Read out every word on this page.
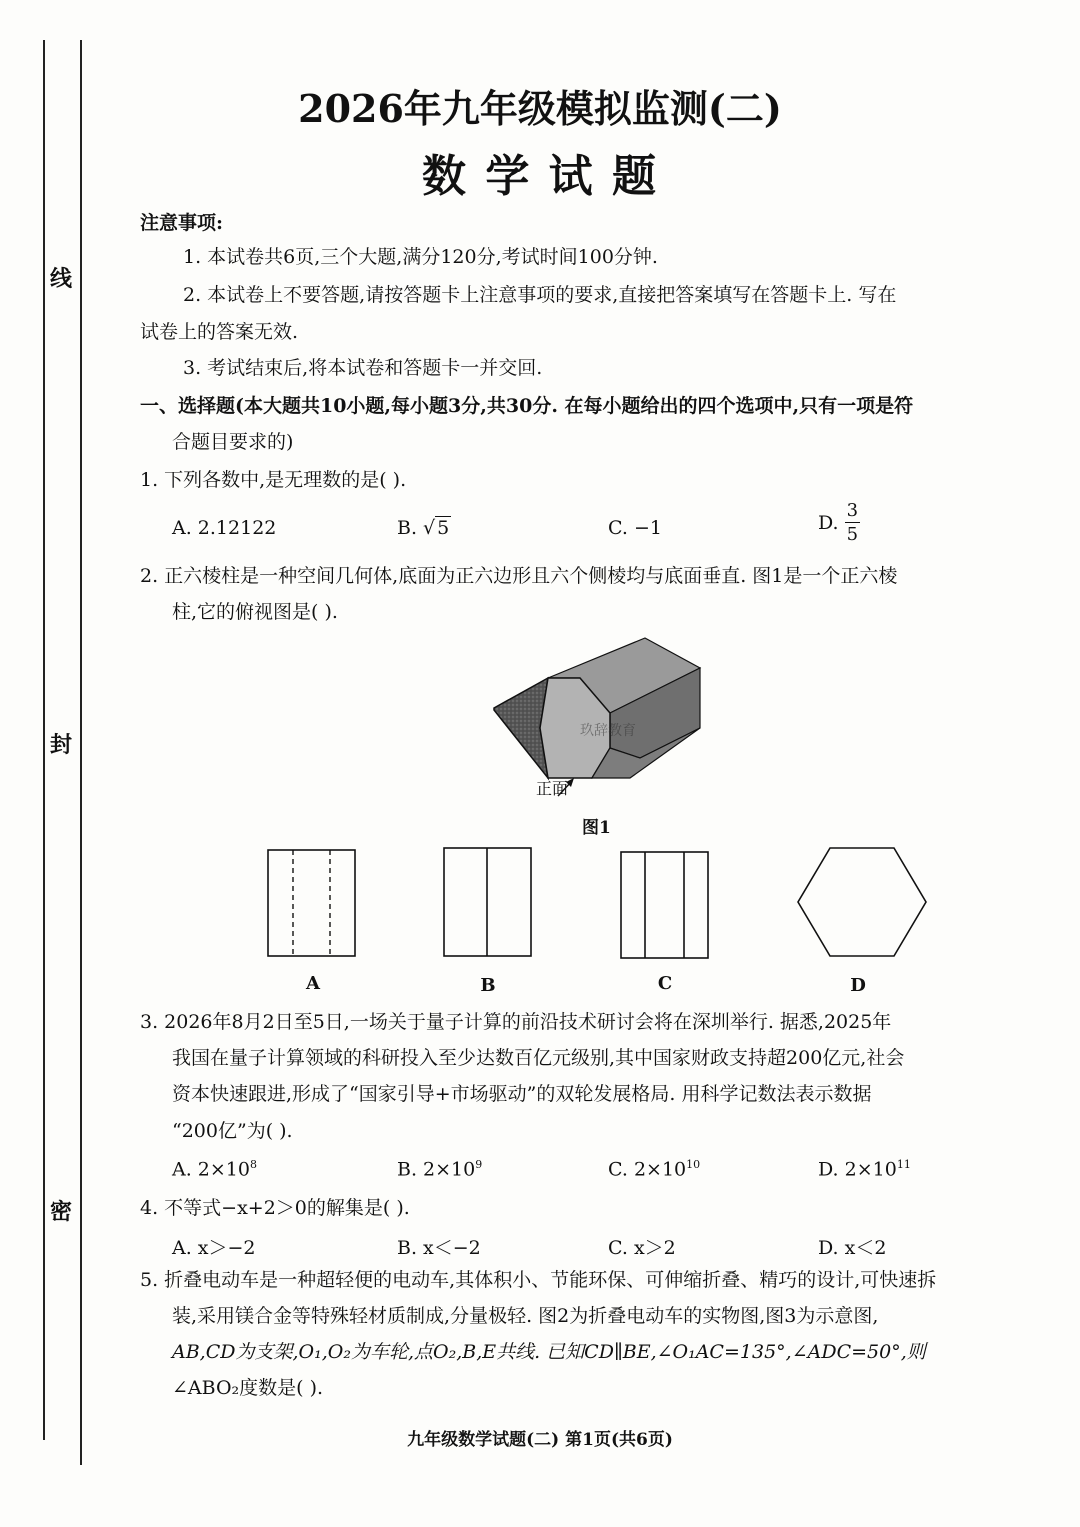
线
封
密
2026年九年级模拟监测(二)
数 学 试 题
注意事项:
1. 本试卷共6页,三个大题,满分120分,考试时间100分钟.
2. 本试卷上不要答题,请按答题卡上注意事项的要求,直接把答案填写在答题卡上. 写在
试卷上的答案无效.
3. 考试结束后,将本试卷和答题卡一并交回.
一、选择题(本大题共10小题,每小题3分,共30分. 在每小题给出的四个选项中,只有一项是符
合题目要求的)
1. 下列各数中,是无理数的是( ).
A. 2.12122	B. √ 5	C. −1	D. $\frac{3}{5}$
2. 正六棱柱是一种空间几何体,底面为正六边形且六个侧棱均与底面垂直. 图1是一个正六棱
柱,它的俯视图是( ).
玖辞教育
正面
图1
A	B	C	D
3. 2026年8月2日至5日,一场关于量子计算的前沿技术研讨会将在深圳举行. 据悉,2025年
我国在量子计算领域的科研投入至少达数百亿元级别,其中国家财政支持超200亿元,社会
资本快速跟进,形成了“国家引导+市场驱动”的双轮发展格局. 用科学记数法表示数据
“200亿”为( ).
A. $2\times 10^8$	B. $2\times 10^9$	C. $2\times 10^{10}$	D. $2\times 10^{11}$
4. 不等式−x+2＞0的解集是( ).
A. x＞−2	B. x＜−2	C. x＞2	D. x＜2
5. 折叠电动车是一种超轻便的电动车,其体积小、节能环保、可伸缩折叠、精巧的设计,可快速拆
装,采用镁合金等特殊轻材质制成,分量极轻. 图2为折叠电动车的实物图,图3为示意图,
AB,CD为支架,O₁,O₂为车轮,点O₂,B,E共线. 已知CD∥BE,∠O₁AC=135°,∠ADC=50°,则
∠ABO₂度数是( ).
九年级数学试题(二) 第1页(共6页)
